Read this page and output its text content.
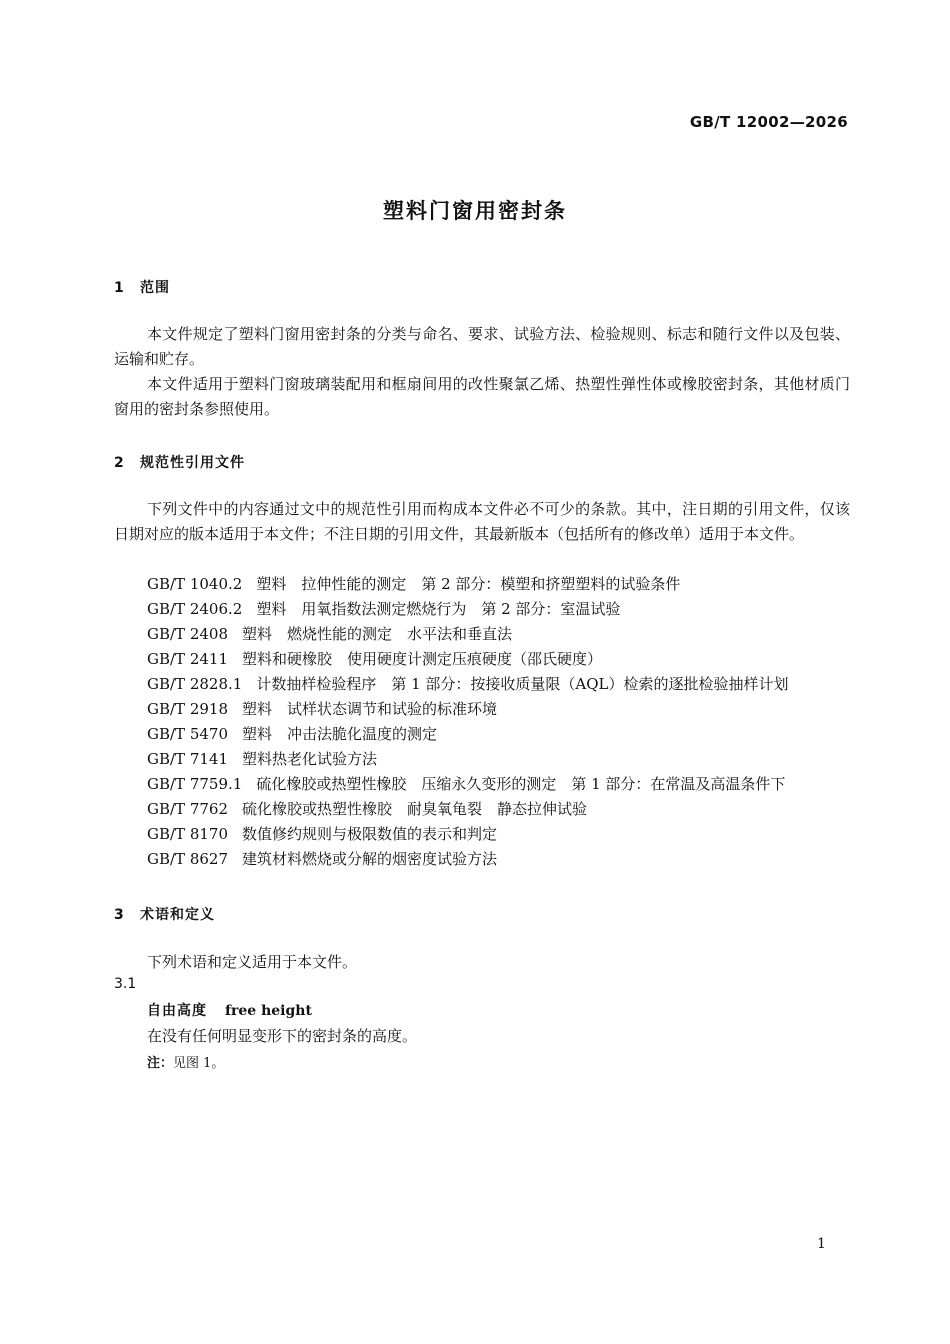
GB/T 12002—2026
塑料门窗用密封条
1 范围

本文件规定了塑料门窗用密封条的分类与命名、要求、试验方法、检验规则、标志和随行文件以及包装、运输和贮存。

本文件适用于塑料门窗玻璃装配用和框扇间用的改性聚氯乙烯、热塑性弹性体或橡胶密封条，其他材质门窗用的密封条参照使用。

2 规范性引用文件

下列文件中的内容通过文中的规范性引用而构成本文件必不可少的条款。其中，注日期的引用文件，仅该日期对应的版本适用于本文件；不注日期的引用文件，其最新版本（包括所有的修改单）适用于本文件。

GB/T 1040.2 塑料　拉伸性能的测定　第 2 部分：模塑和挤塑塑料的试验条件
GB/T 2406.2 塑料　用氧指数法测定燃烧行为　第 2 部分：室温试验
GB/T 2408 塑料　燃烧性能的测定　水平法和垂直法
GB/T 2411 塑料和硬橡胶　使用硬度计测定压痕硬度（邵氏硬度）
GB/T 2828.1 计数抽样检验程序　第 1 部分：按接收质量限（AQL）检索的逐批检验抽样计划
GB/T 2918 塑料　试样状态调节和试验的标准环境
GB/T 5470 塑料　冲击法脆化温度的测定
GB/T 7141 塑料热老化试验方法
GB/T 7759.1 硫化橡胶或热塑性橡胶　压缩永久变形的测定　第 1 部分：在常温及高温条件下
GB/T 7762 硫化橡胶或热塑性橡胶　耐臭氧龟裂　静态拉伸试验
GB/T 8170 数值修约规则与极限数值的表示和判定
GB/T 8627 建筑材料燃烧或分解的烟密度试验方法
3 术语和定义
下列术语和定义适用于本文件。
3.1
自由高度 free height
在没有任何明显变形下的密封条的高度。
注：见图 1。
1
